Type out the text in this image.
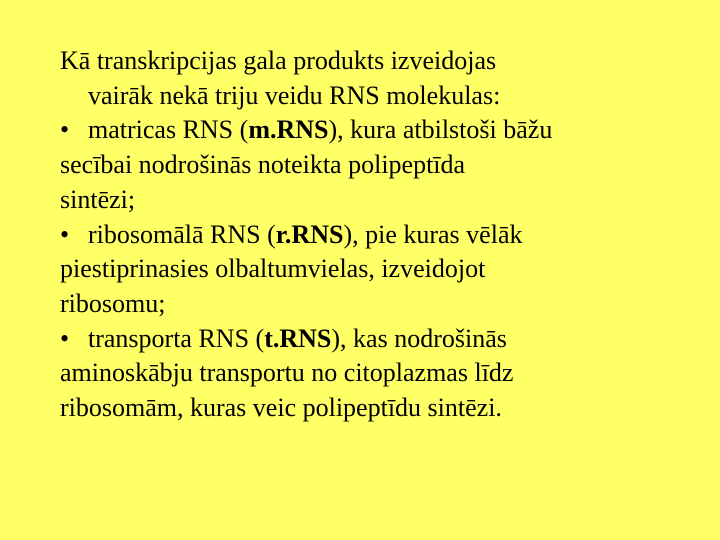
Kā transkripcijas gala produkts izveidojas
vairāk nekā triju veidu RNS molekulas:
• matricas RNS (m.RNS), kura atbilstoši bāžu
secībai nodrošinās noteikta polipeptīda
sintēzi;
• ribosomālā RNS (r.RNS), pie kuras vēlāk
piestiprinasies olbaltumvielas, izveidojot
ribosomu;
• transporta RNS (t.RNS), kas nodrošinās
aminoskābju transportu no citoplazmas līdz
ribosomām, kuras veic polipeptīdu sintēzi.
